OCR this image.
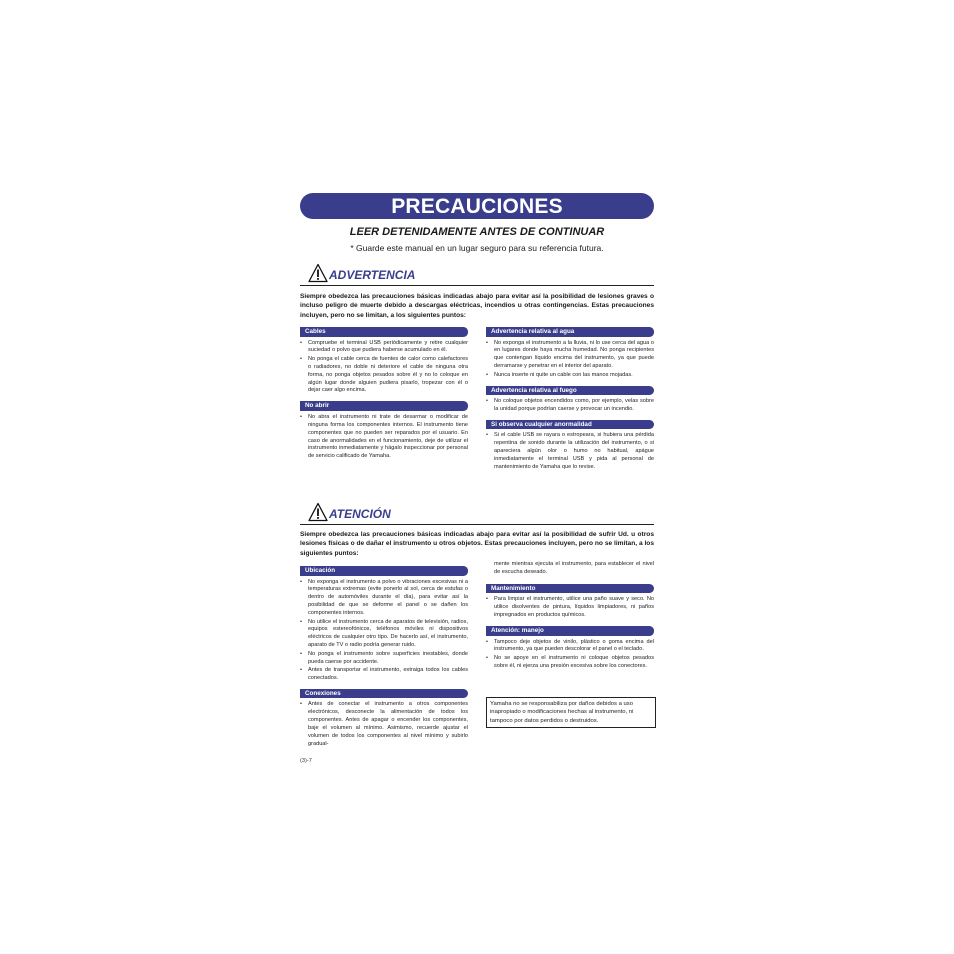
PRECAUCIONES
LEER DETENIDAMENTE ANTES DE CONTINUAR
* Guarde este manual en un lugar seguro para su referencia futura.
ADVERTENCIA
Siempre obedezca las precauciones básicas indicadas abajo para evitar así la posibilidad de lesiones graves o incluso peligro de muerte debido a descargas eléctricas, incendios u otras contingencias. Estas precauciones incluyen, pero no se limitan, a los siguientes puntos:
Cables
• Compruebe el terminal USB periódicamente y retire cualquier suciedad o polvo que pudiera haberse acumulado en él.
• No ponga el cable cerca de fuentes de calor como calefactores o radiadores, no doble ni deteriore el cable de ninguna otra forma, no ponga objetos pesados sobre él y no lo coloque en algún lugar donde alguien pudiera pisarlo, tropezar con él o dejar caer algo encima.
No abrir
• No abra el instrumento ni trate de desarmar o modificar de ninguna forma los componentes internos. El instrumento tiene componentes que no pueden ser reparados por el usuario. En caso de anormalidades en el funcionamiento, deje de utilizar el instrumento inmediatamente y hágalo inspeccionar por personal de servicio calificado de Yamaha.
Advertencia relativa al agua
• No exponga el instrumento a la lluvia, ni lo use cerca del agua o en lugares donde haya mucha humedad. No ponga recipientes que contengan líquido encima del instrumento, ya que puede derramarse y penetrar en el interior del aparato.
• Nunca inserte ni quite un cable con las manos mojadas.
Advertencia relativa al fuego
• No coloque objetos encendidos como, por ejemplo, velas sobre la unidad porque podrían caerse y provocar un incendio.
Si observa cualquier anormalidad
• Si el cable USB se rayara o estropeara, si hubiera una pérdida repentina de sonido durante la utilización del instrumento, o si apareciera algún olor o humo no habitual, apágue inmediatamente el terminal USB y pida al personal de mantenimiento de Yamaha que lo revise.
ATENCIÓN
Siempre obedezca las precauciones básicas indicadas abajo para evitar así la posibilidad de sufrir Ud. u otros lesiones físicas o de dañar el instrumento u otros objetos. Estas precauciones incluyen, pero no se limitan, a los siguientes puntos:
Ubicación
• No exponga el instrumento a polvo o vibraciones excesivas ni a temperaturas extremas (evite ponerlo al sol, cerca de estufas o dentro de automóviles durante el día), para evitar así la posibilidad de que se deforme el panel o se dañen los componentes internos.
• No utilice el instrumento cerca de aparatos de televisión, radios, equipos estereofónicos, teléfonos móviles ni dispositivos eléctricos de cualquier otro tipo. De hacerlo así, el instrumento, aparato de TV o radio podría generar ruido.
• No ponga el instrumento sobre superficies inestables, donde pueda caerse por accidente.
• Antes de transportar el instrumento, extraiga todos los cables conectados.
Conexiones
• Antes de conectar el instrumento a otros componentes electrónicos, desconecte la alimentación de todos los componentes. Antes de apagar o encender los componentes, baje el volumen al mínimo. Asimismo, recuerde ajustar el volumen de todos los componentes al nivel mínimo y subirlo gradual-
mente mientras ejecuta el instrumento, para establecer el nivel de escucha deseado.
Mantenimiento
• Para limpiar el instrumento, utilice una paño suave y seco. No utilice disolventes de pintura, líquidos limpiadores, ni paños impregnados en productos químicos.
Atención: manejo
• Tampoco deje objetos de vinilo, plástico o goma encima del instrumento, ya que pueden descolorar el panel o el teclado.
• No se apoye en el instrumento ni coloque objetos pesados sobre él, ni ejerza una presión excesiva sobre los conectores.
Yamaha no se responsabiliza por daños debidos a uso inapropiado o modificaciones hechas al instrumento, ni tampoco por datos perdidos o destruidos.
(3)-7
